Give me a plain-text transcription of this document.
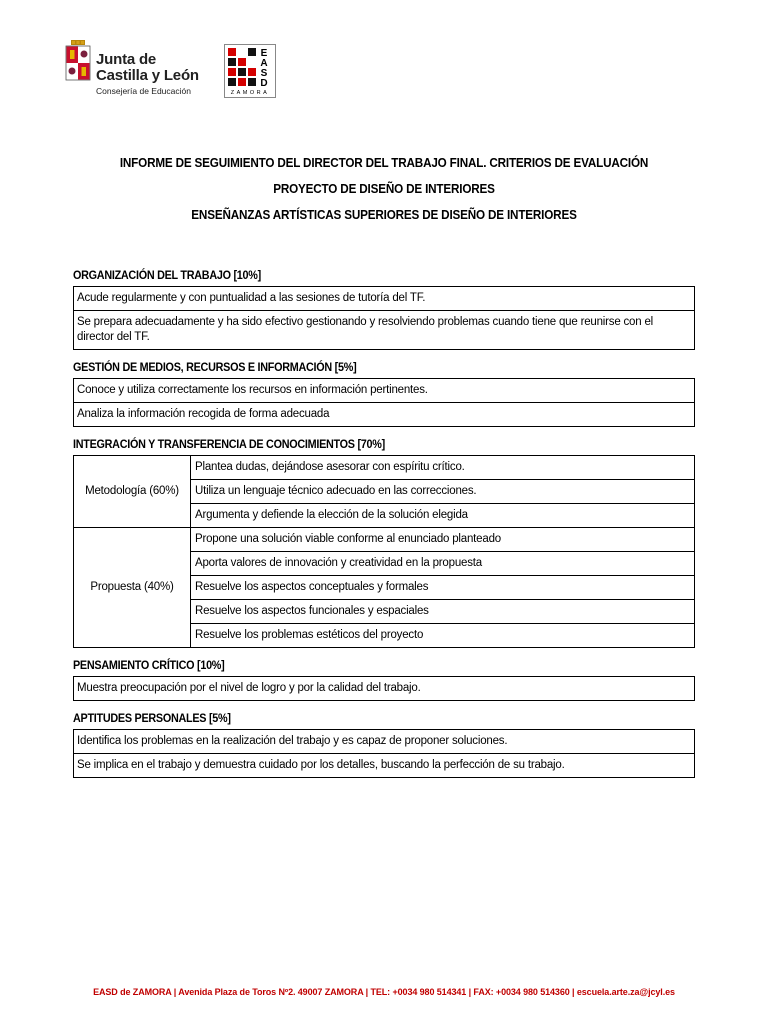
Junta de
Castilla y León
Consejería de Educación
E
A
S
D
ZAMORA
INFORME DE SEGUIMIENTO DEL DIRECTOR DEL TRABAJO FINAL. CRITERIOS DE EVALUACIÓN
PROYECTO DE DISEÑO DE INTERIORES
ENSEÑANZAS ARTÍSTICAS SUPERIORES DE DISEÑO DE INTERIORES
ORGANIZACIÓN DEL TRABAJO [10%]
Acude regularmente y con puntualidad a las sesiones de tutoría del TF.
Se prepara adecuadamente y ha sido efectivo gestionando y resolviendo problemas cuando tiene que reunirse con el director del TF.
GESTIÓN DE MEDIOS, RECURSOS E INFORMACIÓN [5%]
Conoce y utiliza correctamente los recursos en información pertinentes.
Analiza la información recogida de forma adecuada
INTEGRACIÓN Y TRANSFERENCIA DE CONOCIMIENTOS [70%]
Metodología (60%)	Plantea dudas, dejándose asesorar con espíritu crítico.
	Utiliza un lenguaje técnico adecuado en las correcciones.
	Argumenta y defiende la elección de la solución elegida
Propuesta (40%)	Propone una solución viable conforme al enunciado planteado
	Aporta valores de innovación y creatividad en la propuesta
	Resuelve los aspectos conceptuales y formales
	Resuelve los aspectos funcionales y espaciales
	Resuelve los problemas estéticos del proyecto
PENSAMIENTO CRÍTICO [10%]
Muestra preocupación por el nivel de logro y por la calidad del trabajo.
APTITUDES PERSONALES [5%]
Identifica los problemas en la realización del trabajo y es capaz de proponer soluciones.
Se implica en el trabajo y demuestra cuidado por los detalles, buscando la perfección de su trabajo.
EASD de ZAMORA | Avenida Plaza de Toros Nº2. 49007 ZAMORA | TEL: +0034 980 514341 | FAX: +0034 980 514360 | escuela.arte.za@jcyl.es
